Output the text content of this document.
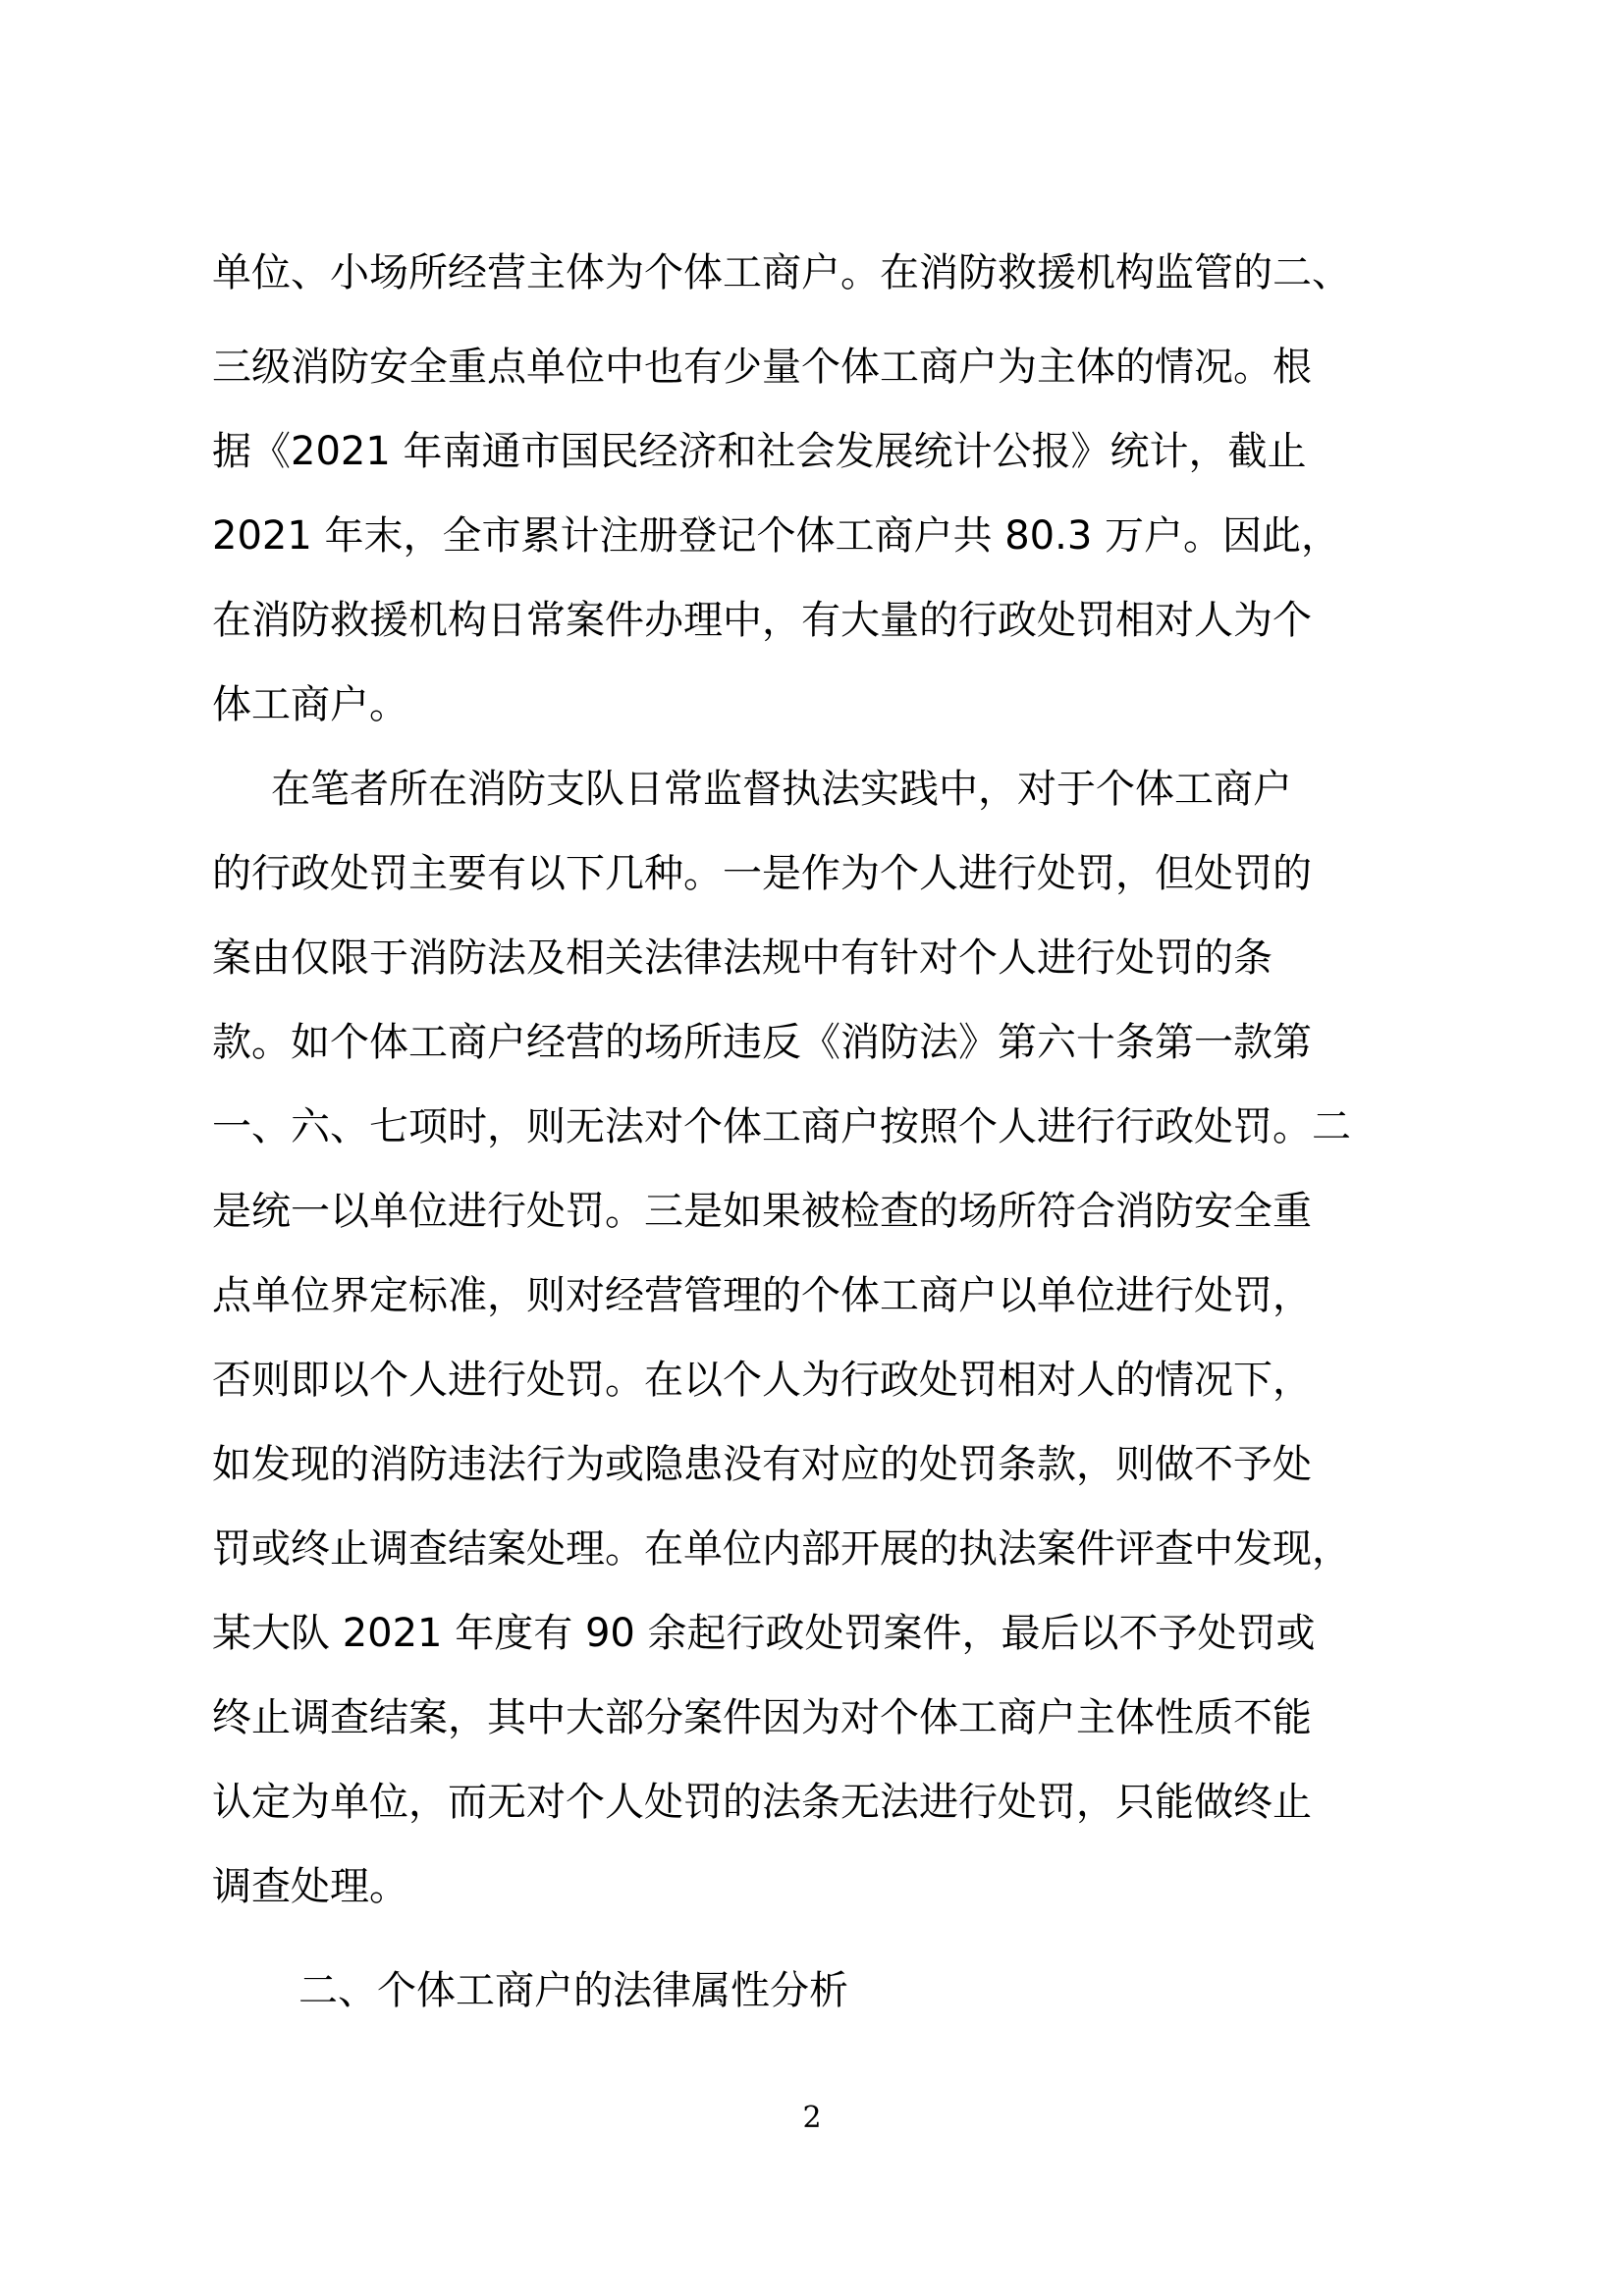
单位、小场所经营主体为个体工商户。在消防救援机构监管的二、
三级消防安全重点单位中也有少量个体工商户为主体的情况。根
据《2021 年南通市国民经济和社会发展统计公报》统计，截止
2021 年末，全市累计注册登记个体工商户共 80.3 万户。因此，
在消防救援机构日常案件办理中，有大量的行政处罚相对人为个
体工商户。
在笔者所在消防支队日常监督执法实践中，对于个体工商户
的行政处罚主要有以下几种。一是作为个人进行处罚，但处罚的
案由仅限于消防法及相关法律法规中有针对个人进行处罚的条
款。如个体工商户经营的场所违反《消防法》第六十条第一款第
一、六、七项时，则无法对个体工商户按照个人进行行政处罚。二
是统一以单位进行处罚。三是如果被检查的场所符合消防安全重
点单位界定标准，则对经营管理的个体工商户以单位进行处罚，
否则即以个人进行处罚。在以个人为行政处罚相对人的情况下，
如发现的消防违法行为或隐患没有对应的处罚条款，则做不予处
罚或终止调查结案处理。在单位内部开展的执法案件评查中发现，
某大队 2021 年度有 90 余起行政处罚案件，最后以不予处罚或
终止调查结案，其中大部分案件因为对个体工商户主体性质不能
认定为单位，而无对个人处罚的法条无法进行处罚，只能做终止
调查处理。
二、个体工商户的法律属性分析
2
